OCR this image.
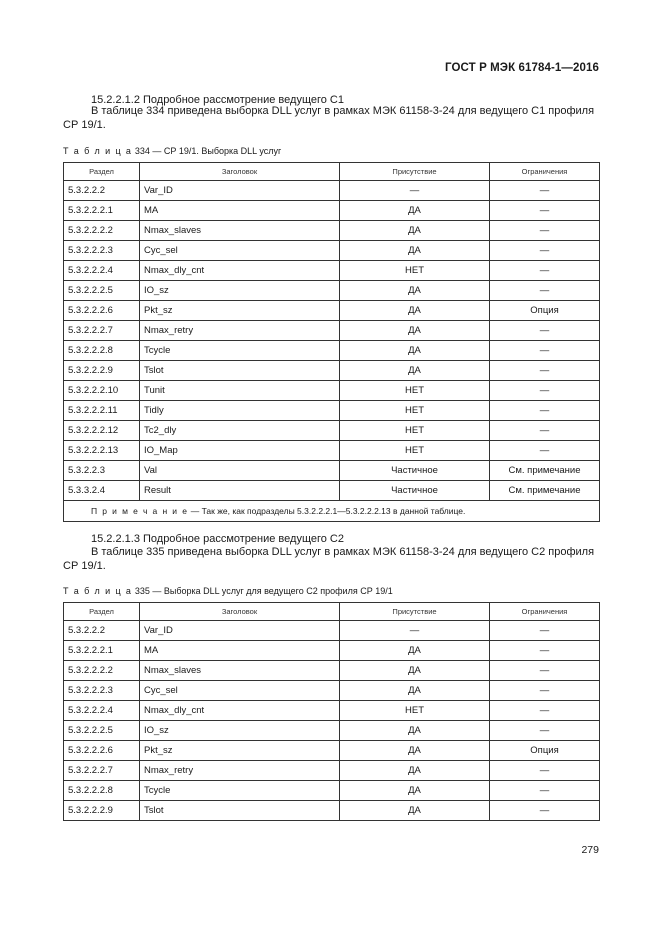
ГОСТ Р МЭК 61784-1—2016
15.2.2.1.2 Подробное рассмотрение ведущего С1
В таблице 334 приведена выборка DLL услуг в рамках МЭК 61158-3-24 для ведущего С1 профиля СР 19/1.
Т а б л и ц а 334 — СР 19/1. Выборка DLL услуг
Раздел	Заголовок	Присутствие	Ограничения
5.3.2.2.2	Var_ID	—	—
5.3.2.2.2.1	MA	ДА	—
5.3.2.2.2.2	Nmax_slaves	ДА	—
5.3.2.2.2.3	Cyc_sel	ДА	—
5.3.2.2.2.4	Nmax_dly_cnt	НЕТ	—
5.3.2.2.2.5	IO_sz	ДА	—
5.3.2.2.2.6	Pkt_sz	ДА	Опция
5.3.2.2.2.7	Nmax_retry	ДА	—
5.3.2.2.2.8	Tcycle	ДА	—
5.3.2.2.2.9	Tslot	ДА	—
5.3.2.2.2.10	Tunit	НЕТ	—
5.3.2.2.2.11	Tidly	НЕТ	—
5.3.2.2.2.12	Tc2_dly	НЕТ	—
5.3.2.2.2.13	IO_Map	НЕТ	—
5.3.2.2.3	Val	Частичное	См. примечание
5.3.3.2.4	Result	Частичное	См. примечание
П р и м е ч а н и е — Так же, как подразделы 5.3.2.2.2.1—5.3.2.2.2.13 в данной таблице.			
15.2.2.1.3 Подробное рассмотрение ведущего С2
В таблице 335 приведена выборка DLL услуг в рамках МЭК 61158-3-24 для ведущего С2 профиля СР 19/1.
Т а б л и ц а 335 — Выборка DLL услуг для ведущего С2 профиля СР 19/1
Раздел	Заголовок	Присутствие	Ограничения
5.3.2.2.2	Var_ID	—	—
5.3.2.2.2.1	MA	ДА	—
5.3.2.2.2.2	Nmax_slaves	ДА	—
5.3.2.2.2.3	Cyc_sel	ДА	—
5.3.2.2.2.4	Nmax_dly_cnt	НЕТ	—
5.3.2.2.2.5	IO_sz	ДА	—
5.3.2.2.2.6	Pkt_sz	ДА	Опция
5.3.2.2.2.7	Nmax_retry	ДА	—
5.3.2.2.2.8	Tcycle	ДА	—
5.3.2.2.2.9	Tslot	ДА	—
279
